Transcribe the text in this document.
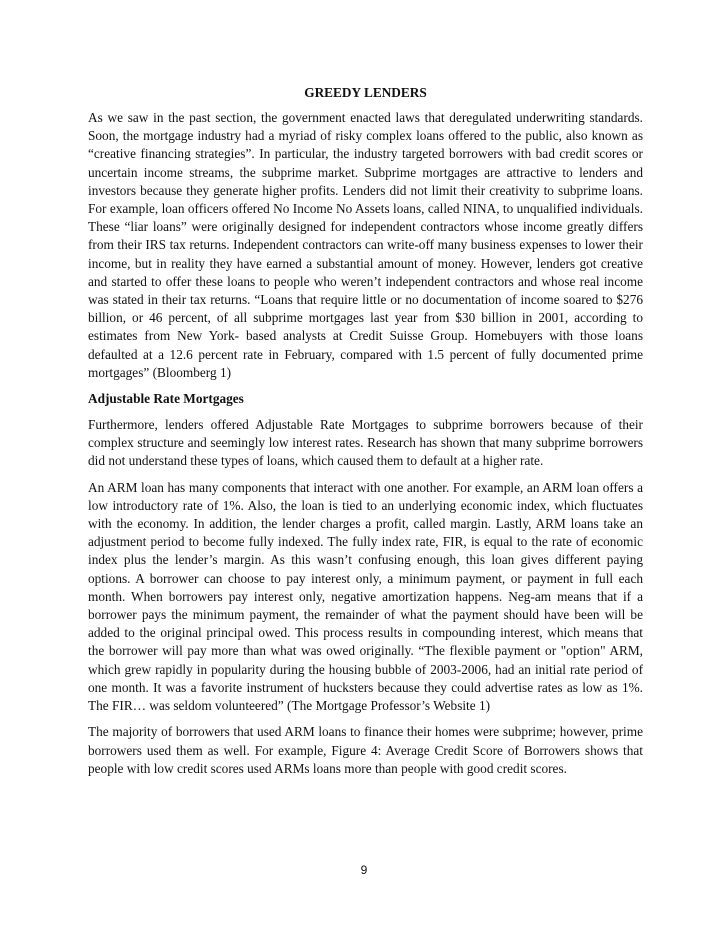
GREEDY LENDERS

As we saw in the past section, the government enacted laws that deregulated underwriting standards. Soon, the mortgage industry had a myriad of risky complex loans offered to the public, also known as “creative financing strategies”. In particular, the industry targeted borrowers with bad credit scores or uncertain income streams, the subprime market. Subprime mortgages are attractive to lenders and investors because they generate higher profits. Lenders did not limit their creativity to subprime loans. For example, loan officers offered No Income No Assets loans, called NINA, to unqualified individuals. These “liar loans” were originally designed for independent contractors whose income greatly differs from their IRS tax returns. Independent contractors can write-off many business expenses to lower their income, but in reality they have earned a substantial amount of money. However, lenders got creative and started to offer these loans to people who weren’t independent contractors and whose real income was stated in their tax returns. “Loans that require little or no documentation of income soared to $276 billion, or 46 percent, of all subprime mortgages last year from $30 billion in 2001, according to estimates from New York- based analysts at Credit Suisse Group. Homebuyers with those loans defaulted at a 12.6 percent rate in February, compared with 1.5 percent of fully documented prime mortgages” (Bloomberg 1)

Adjustable Rate Mortgages

Furthermore, lenders offered Adjustable Rate Mortgages to subprime borrowers because of their complex structure and seemingly low interest rates. Research has shown that many subprime borrowers did not understand these types of loans, which caused them to default at a higher rate.

An ARM loan has many components that interact with one another. For example, an ARM loan offers a low introductory rate of 1%. Also, the loan is tied to an underlying economic index, which fluctuates with the economy. In addition, the lender charges a profit, called margin. Lastly, ARM loans take an adjustment period to become fully indexed. The fully index rate, FIR, is equal to the rate of economic index plus the lender’s margin. As this wasn’t confusing enough, this loan gives different paying options. A borrower can choose to pay interest only, a minimum payment, or payment in full each month. When borrowers pay interest only, negative amortization happens. Neg-am means that if a borrower pays the minimum payment, the remainder of what the payment should have been will be added to the original principal owed. This process results in compounding interest, which means that the borrower will pay more than what was owed originally. “The flexible payment or "option" ARM, which grew rapidly in popularity during the housing bubble of 2003-2006, had an initial rate period of one month. It was a favorite instrument of hucksters because they could advertise rates as low as 1%. The FIR… was seldom volunteered” (The Mortgage Professor’s Website 1)

The majority of borrowers that used ARM loans to finance their homes were subprime; however, prime borrowers used them as well. For example, Figure 4: Average Credit Score of Borrowers shows that people with low credit scores used ARMs loans more than people with good credit scores.

9
